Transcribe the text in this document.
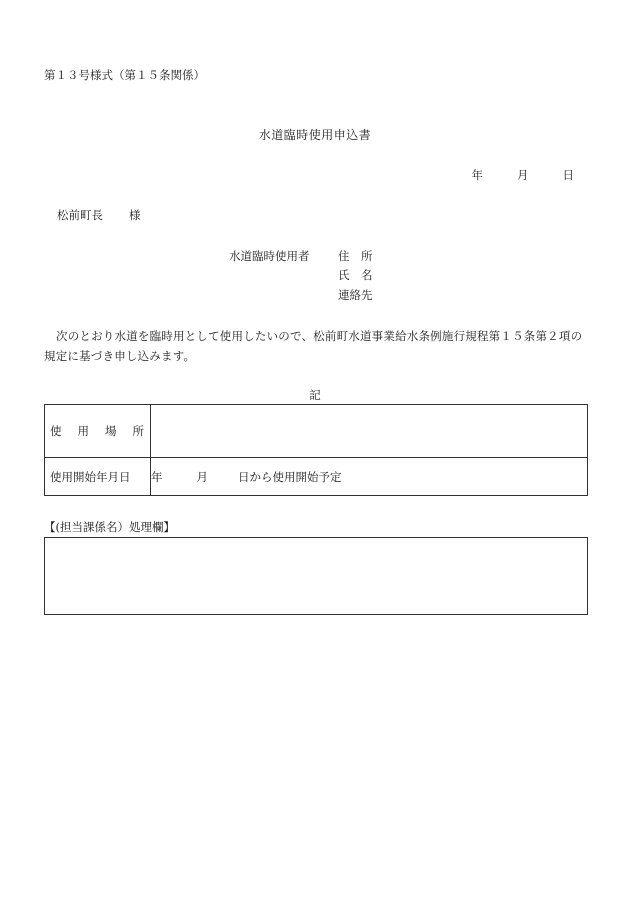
第１３号様式（第１５条関係）
水道臨時使用申込書
年	月	日
松前町長 様
水道臨時使用者 住　所
氏　名
連絡先
次のとおり水道を臨時用として使用したいので、松前町水道事業給水条例施行規程第１５条第２項の規定に基づき申し込みます。
記
使 用 場 所	
使用開始年月日	年 月 日から使用開始予定
【(担当課係名）処理欄】
